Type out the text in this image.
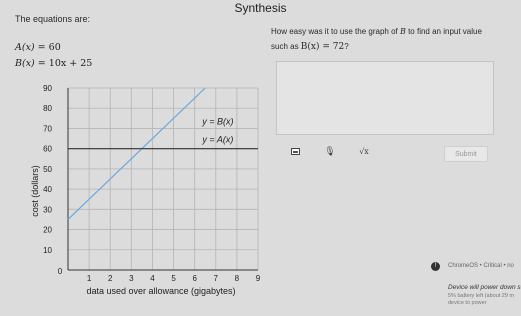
Synthesis
The equations are:
A(x) = 60
B(x) = 10x + 25
How easy was it to use the graph of B to find an input value
such as B(x) = 72?
🎙	√x	Submit
1 2 3 4 5 6 7 8 9
10
20
30
40
50
60
70
80
90
0
data used over allowance (gigabytes)
cost (dollars)
y = B(x)
y = A(x)
!	ChromeOS • Critical • no
Device will power down s
5% battery left (about 29 m device to power
